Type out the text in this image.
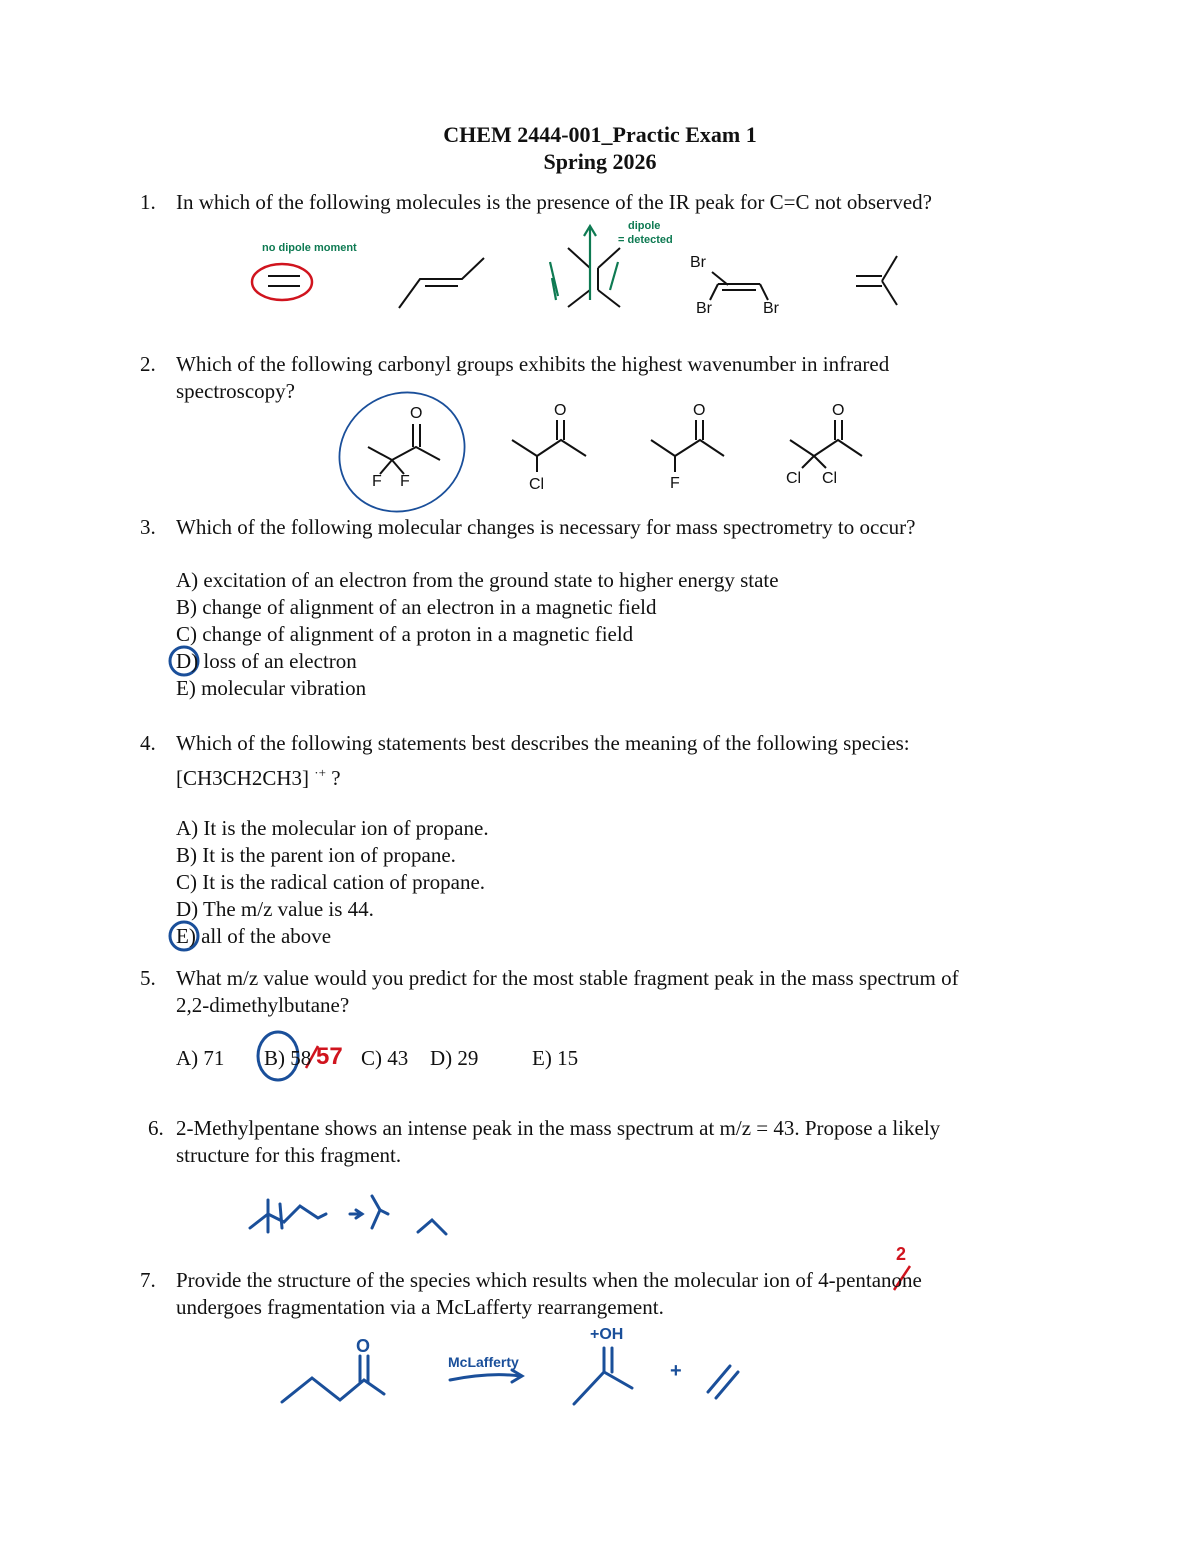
CHEM 2444-001_Practic Exam 1
Spring 2026
1. In which of the following molecules is the presence of the IR peak for C=C not observed?
Br
Br	Br
no dipole moment
dipole
= detected
2. Which of the following carbonyl groups exhibits the highest wavenumber in infrared
spectroscopy?
O
F F
O
Cl
O
F
O
Cl Cl
3. Which of the following molecular changes is necessary for mass spectrometry to occur?
A) excitation of an electron from the ground state to higher energy state
B) change of alignment of an electron in a magnetic field
C) change of alignment of a proton in a magnetic field
D) loss of an electron
E) molecular vibration
4. Which of the following statements best describes the meaning of the following species:
[CH3CH2CH3] ·+ ?
A) It is the molecular ion of propane.
B) It is the parent ion of propane.
C) It is the radical cation of propane.
D) The m/z value is 44.
E) all of the above
5. What m/z value would you predict for the most stable fragment peak in the mass spectrum of
2,2-dimethylbutane?
A) 71 B) 58 57 C) 43 D) 29	E) 15
6. 2-Methylpentane shows an intense peak in the mass spectrum at m/z = 43. Propose a likely
structure for this fragment.
7. Provide the structure of the species which results when the molecular ion of 4-pentanone
undergoes fragmentation via a McLafferty rearrangement.
2
O
McLafferty
+OH
+
